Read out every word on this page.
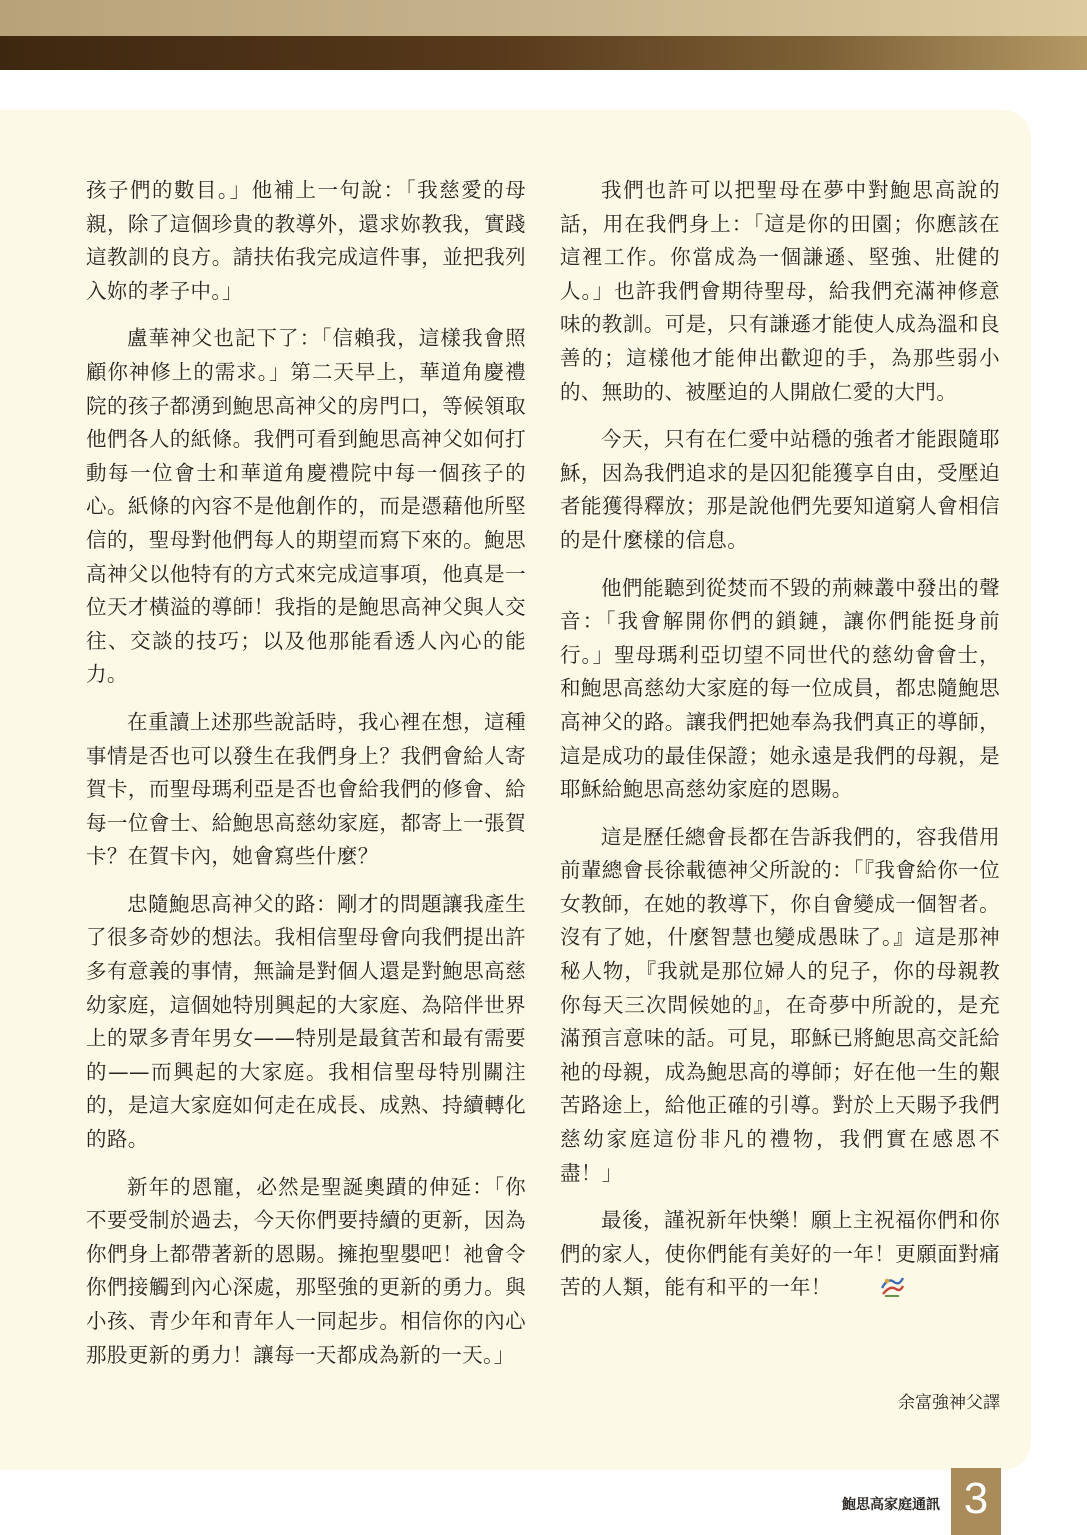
孩子們的數目。」他補上一句說：「我慈愛的母親，除了這個珍貴的教導外，還求妳教我，實踐這教訓的良方。請扶佑我完成這件事，並把我列入妳的孝子中。」

盧華神父也記下了：「信賴我，這樣我會照顧你神修上的需求。」第二天早上，華道角慶禮院的孩子都湧到鮑思高神父的房門口，等候領取他們各人的紙條。我們可看到鮑思高神父如何打動每一位會士和華道角慶禮院中每一個孩子的心。紙條的內容不是他創作的，而是憑藉他所堅信的，聖母對他們每人的期望而寫下來的。鮑思高神父以他特有的方式來完成這事項，他真是一位天才橫溢的導師！我指的是鮑思高神父與人交往、交談的技巧；以及他那能看透人內心的能力。

在重讀上述那些說話時，我心裡在想，這種事情是否也可以發生在我們身上？我們會給人寄賀卡，而聖母瑪利亞是否也會給我們的修會、給每一位會士、給鮑思高慈幼家庭，都寄上一張賀卡？在賀卡內，她會寫些什麼？

忠隨鮑思高神父的路：剛才的問題讓我產生了很多奇妙的想法。我相信聖母會向我們提出許多有意義的事情，無論是對個人還是對鮑思高慈幼家庭，這個她特別興起的大家庭、為陪伴世界上的眾多青年男女——特別是最貧苦和最有需要的——而興起的大家庭。我相信聖母特別關注的，是這大家庭如何走在成長、成熟、持續轉化的路。

新年的恩寵，必然是聖誕奧蹟的伸延：「你不要受制於過去，今天你們要持續的更新，因為你們身上都帶著新的恩賜。擁抱聖嬰吧！祂會令你們接觸到內心深處，那堅強的更新的勇力。與小孩、青少年和青年人一同起步。相信你的內心那股更新的勇力！讓每一天都成為新的一天。」

我們也許可以把聖母在夢中對鮑思高說的話，用在我們身上：「這是你的田園；你應該在這裡工作。你當成為一個謙遜、堅強、壯健的人。」也許我們會期待聖母，給我們充滿神修意味的教訓。可是，只有謙遜才能使人成為溫和良善的；這樣他才能伸出歡迎的手，為那些弱小的、無助的、被壓迫的人開啟仁愛的大門。

今天，只有在仁愛中站穩的強者才能跟隨耶穌，因為我們追求的是囚犯能獲享自由，受壓迫者能獲得釋放；那是說他們先要知道窮人會相信的是什麼樣的信息。

他們能聽到從焚而不毀的荊棘叢中發出的聲音：「我會解開你們的鎖鏈，讓你們能挺身前行。」聖母瑪利亞切望不同世代的慈幼會會士，和鮑思高慈幼大家庭的每一位成員，都忠隨鮑思高神父的路。讓我們把她奉為我們真正的導師，這是成功的最佳保證；她永遠是我們的母親，是耶穌給鮑思高慈幼家庭的恩賜。

這是歷任總會長都在告訴我們的，容我借用前輩總會長徐載德神父所說的：「『我會給你一位女教師，在她的教導下，你自會變成一個智者。沒有了她，什麼智慧也變成愚昧了。』這是那神秘人物，『我就是那位婦人的兒子，你的母親教你每天三次問候她的』，在奇夢中所說的，是充滿預言意味的話。可見，耶穌已將鮑思高交託給祂的母親，成為鮑思高的導師；好在他一生的艱苦路途上，給他正確的引導。對於上天賜予我們慈幼家庭這份非凡的禮物，我們實在感恩不盡！」

最後，謹祝新年快樂！願上主祝福你們和你們的家人，使你們能有美好的一年！更願面對痛苦的人類，能有和平的一年！

余富強神父譯
鮑思高家庭通訊 3
